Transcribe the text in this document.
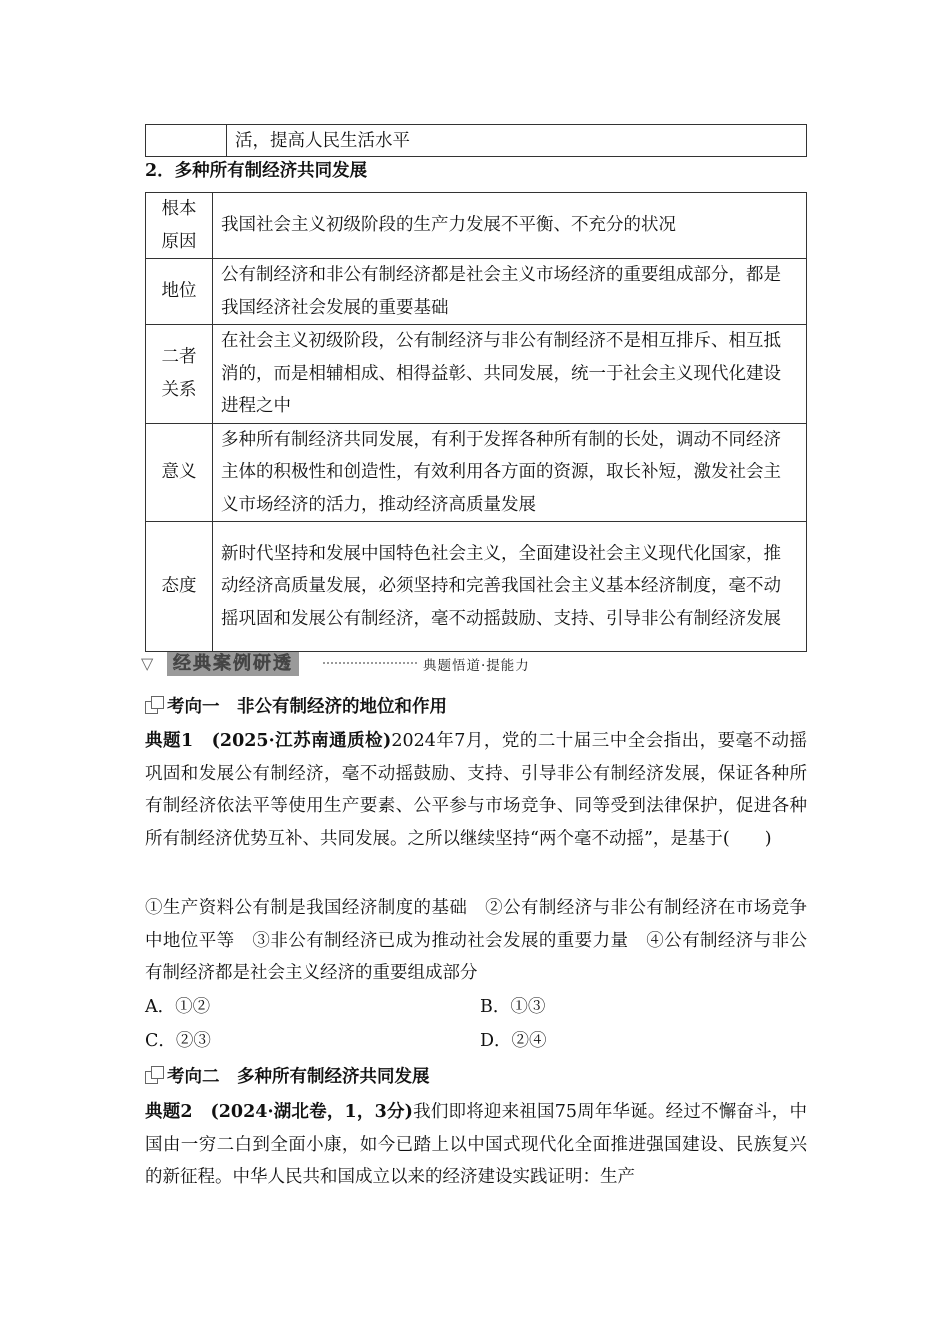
	活，提高人民生活水平
2．多种所有制经济共同发展
根本原因	我国社会主义初级阶段的生产力发展不平衡、不充分的状况
地位	公有制经济和非公有制经济都是社会主义市场经济的重要组成部分，都是我国经济社会发展的重要基础
二者关系	在社会主义初级阶段，公有制经济与非公有制经济不是相互排斥、相互抵消的，而是相辅相成、相得益彰、共同发展，统一于社会主义现代化建设进程之中
意义	多种所有制经济共同发展，有利于发挥各种所有制的长处，调动不同经济主体的积极性和创造性，有效利用各方面的资源，取长补短，激发社会主义市场经济的活力，推动经济高质量发展
态度	新时代坚持和发展中国特色社会主义，全面建设社会主义现代化国家，推动经济高质量发展，必须坚持和完善我国社会主义基本经济制度，毫不动摇巩固和发展公有制经济，毫不动摇鼓励、支持、引导非公有制经济发展
▽	经典案例研透	典题悟道·提能力
考向一　非公有制经济的地位和作用
典题1　 (2025·江苏南通质检)2024年7月，党的二十届三中全会指出，要毫不动摇巩固和发展公有制经济，毫不动摇鼓励、支持、引导非公有制经济发展，保证各种所有制经济依法平等使用生产要素、公平参与市场竞争、同等受到法律保护，促进各种所有制经济优势互补、共同发展。之所以继续坚持“两个毫不动摇”，是基于(　　)
①生产资料公有制是我国经济制度的基础　②公有制经济与非公有制经济在市场竞争中地位平等　③非公有制经济已成为推动社会发展的重要力量　④公有制经济与非公有制经济都是社会主义经济的重要组成部分
A．①②	B．①③
C．②③	D．②④
考向二　多种所有制经济共同发展
典题2　 (2024·湖北卷，1，3分)我们即将迎来祖国75周年华诞。经过不懈奋斗，中国由一穷二白到全面小康，如今已踏上以中国式现代化全面推进强国建设、民族复兴的新征程。中华人民共和国成立以来的经济建设实践证明：生产
